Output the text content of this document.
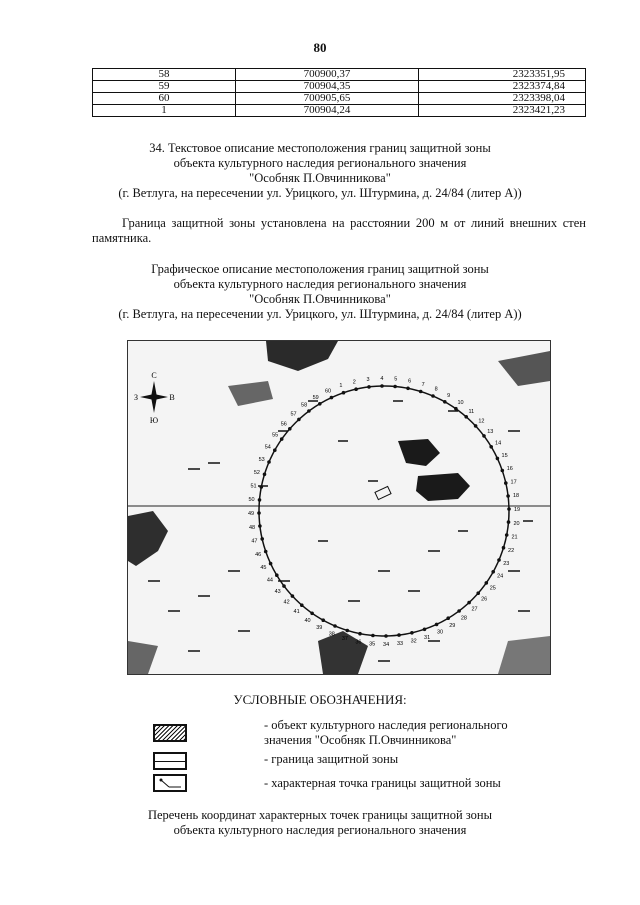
80
58	700900,37	2323351,95
59	700904,35	2323374,84
60	700905,65	2323398,04
1	700904,24	2323421,23
34. Текстовое описание местоположения границ защитной зоны
объекта культурного наследия регионального значения
"Особняк П.Овчинникова"
(г. Ветлуга, на пересечении ул. Урицкого, ул. Штурмина, д. 24/84 (литер А))
Граница защитной зоны установлена на расстоянии 200 м от линий внешних стен памятника.
Графическое описание местоположения границ защитной зоны
объекта культурного наследия регионального значения
"Особняк П.Овчинникова"
(г. Ветлуга, на пересечении ул. Урицкого, ул. Штурмина, д. 24/84 (литер А))
С
Ю
З	В
1
2 3 4 5 6
7
8
9
10
11
12
13
14
15
16
17
18
19
20
21
22
23
24
25
26
27
28
29
30
31
32
33
34
35
36
37
38
39
40
41
42
43
44
45
46
47
48
49
50
51
52
53
54
55
56
57
58
59
60
УСЛОВНЫЕ ОБОЗНАЧЕНИЯ:
- объект культурного наследия регионального
значения "Особняк П.Овчинникова"
- граница защитной зоны
- характерная точка границы защитной зоны
Перечень координат характерных точек границы защитной зоны
объекта культурного наследия регионального значения
